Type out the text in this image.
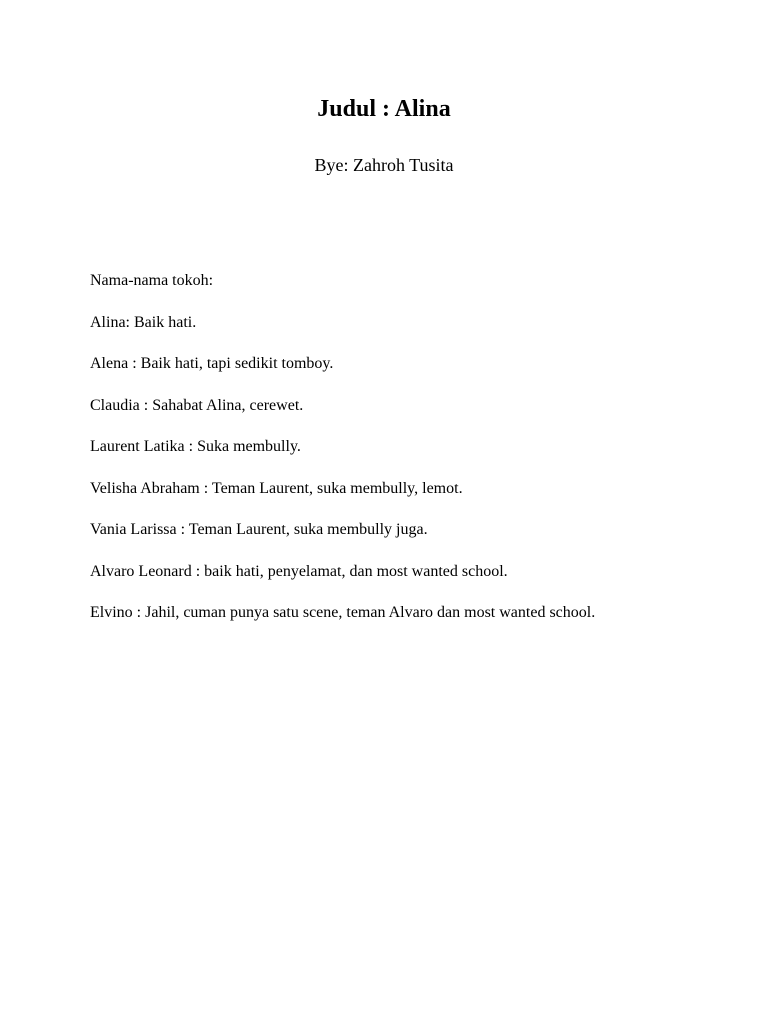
Judul : Alina

Bye: Zahroh Tusita

Nama-nama tokoh:

Alina: Baik hati.

Alena : Baik hati, tapi sedikit tomboy.

Claudia : Sahabat Alina, cerewet.

Laurent Latika : Suka membully.

Velisha Abraham : Teman Laurent, suka membully, lemot.

Vania Larissa : Teman Laurent, suka membully juga.

Alvaro Leonard : baik hati, penyelamat, dan most wanted school.

Elvino : Jahil, cuman punya satu scene, teman Alvaro dan most wanted school.
